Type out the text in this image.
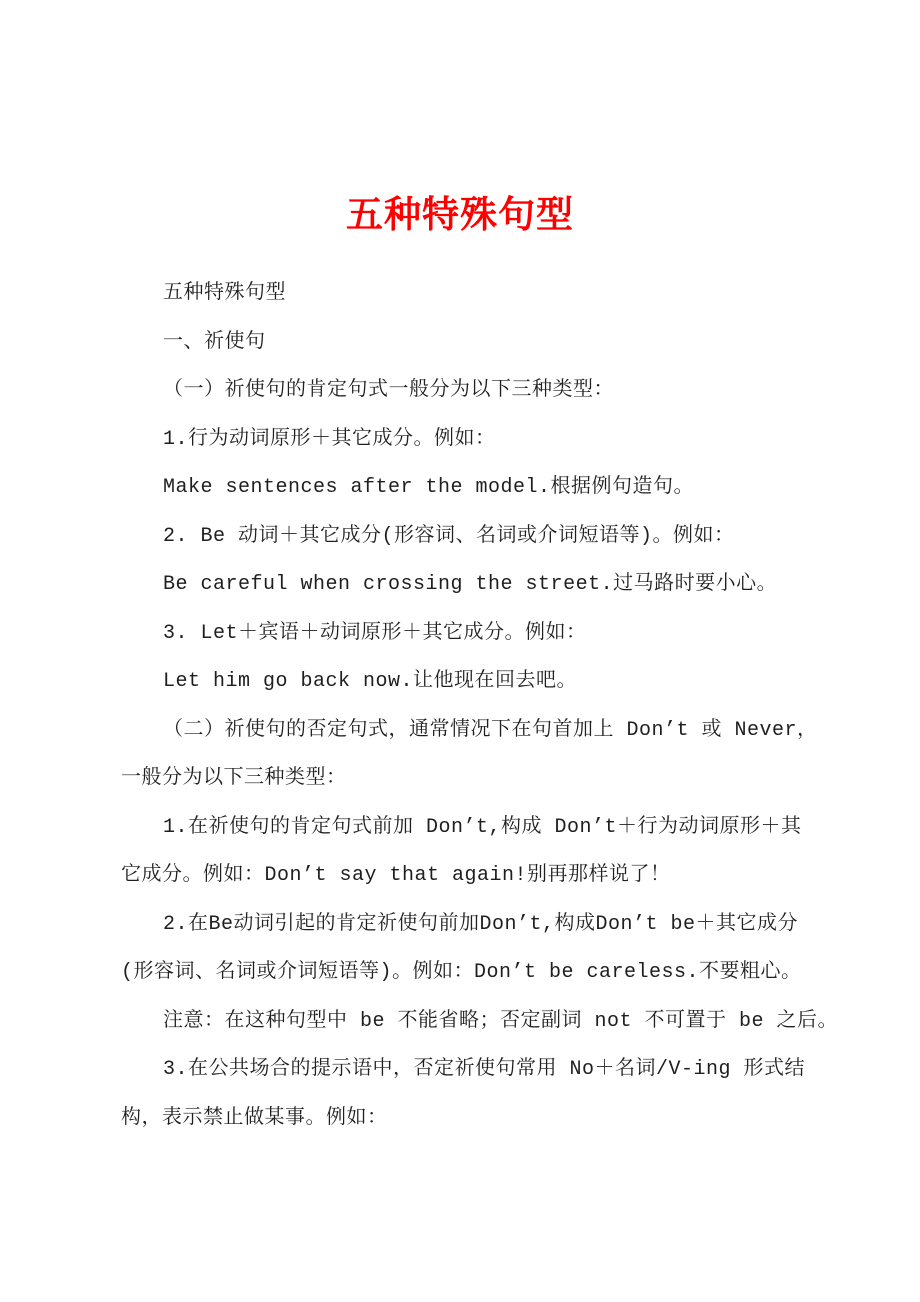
五种特殊句型
五种特殊句型
一、祈使句
（一）祈使句的肯定句式一般分为以下三种类型：
1.行为动词原形＋其它成分。例如：
Make sentences after the model.根据例句造句。
2. Be 动词＋其它成分(形容词、名词或介词短语等)。例如：
Be careful when crossing the street.过马路时要小心。
3. Let＋宾语＋动词原形＋其它成分。例如：
Let him go back now.让他现在回去吧。
（二）祈使句的否定句式，通常情况下在句首加上 Don’t 或 Never，
一般分为以下三种类型：
1.在祈使句的肯定句式前加 Don’t,构成 Don’t＋行为动词原形＋其
它成分。例如：Don’t say that again!别再那样说了！
2.在Be动词引起的肯定祈使句前加Don’t,构成Don’t be＋其它成分
(形容词、名词或介词短语等)。例如：Don’t be careless.不要粗心。
注意：在这种句型中 be 不能省略；否定副词 not 不可置于 be 之后。
3.在公共场合的提示语中，否定祈使句常用 No＋名词/V-ing 形式结
构，表示禁止做某事。例如：
